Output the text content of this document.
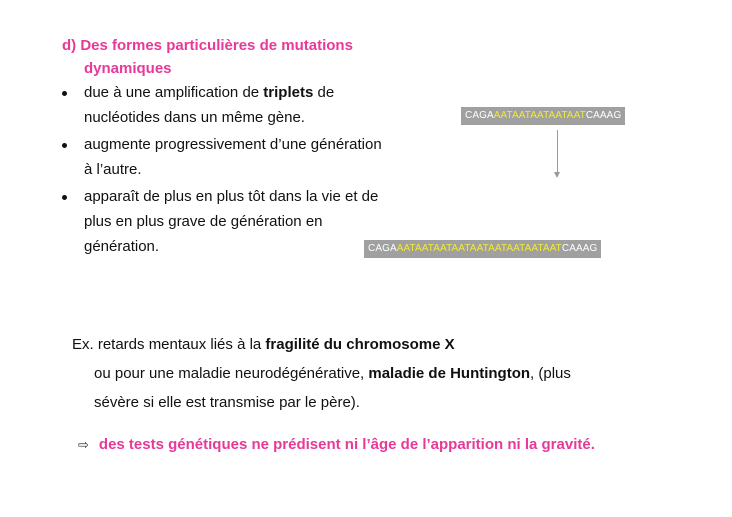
d) Des formes particulières de mutations
dynamiques
due à une amplification de triplets de
nucléotides dans un même gène.
augmente progressivement d’une génération
à l’autre.
apparaît de plus en plus tôt dans la vie et de
plus en plus grave de génération en
génération.
CAGAAATAATAATAATAATCAAAG
CAGAAATAATAATAATAATAATAATAATAATCAAAG
Ex. retards mentaux liés à la fragilité du chromosome X
ou pour une maladie neurodégénérative, maladie de Huntington, (plus
sévère si elle est transmise par le père).
⇨ des tests génétiques ne prédisent ni l’âge de l’apparition ni la gravité.
